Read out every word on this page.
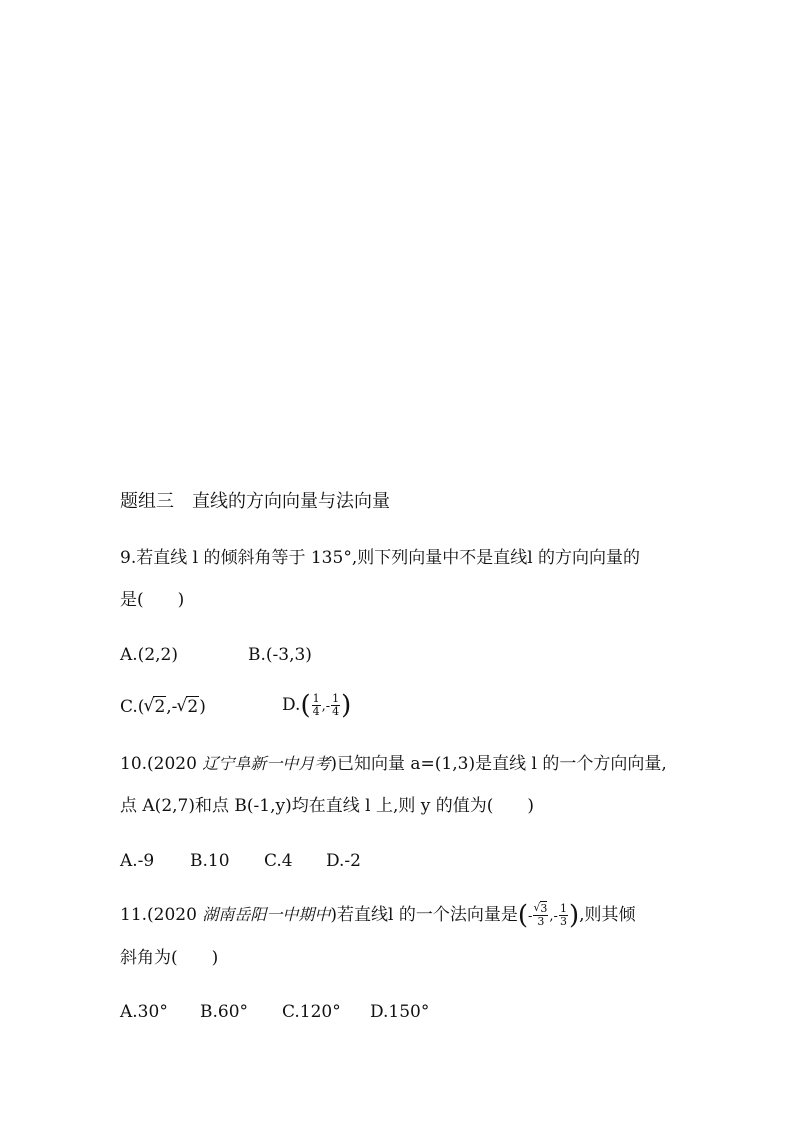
题组三　直线的方向向量与法向量
9.若直线 l 的倾斜角等于 135°,则下列向量中不是直线l 的方向向量的
是(　　)
A.(2,2)	B.(-3,3)
C.( √ 2,- √ 2)	$D.( \frac{1}{4}$ ,- $\frac{1}{4}$ )
10.(2020 辽宁阜新一中月考)已知向量 a=(1,3)是直线 l 的一个方向向量,
点 A(2,7)和点 B(-1,y)均在直线 l 上,则 y 的值为(　　)
A.-9 B.10 C.4 D.-2
11.(2020 湖南岳阳一中期中)若直线l 的一个法向量是(- √ $\frac{3}{3}$ ,- $\frac{1}{3}$ ),则其倾
斜角为(　　)
A.30° B.60° C.120° D.150°
